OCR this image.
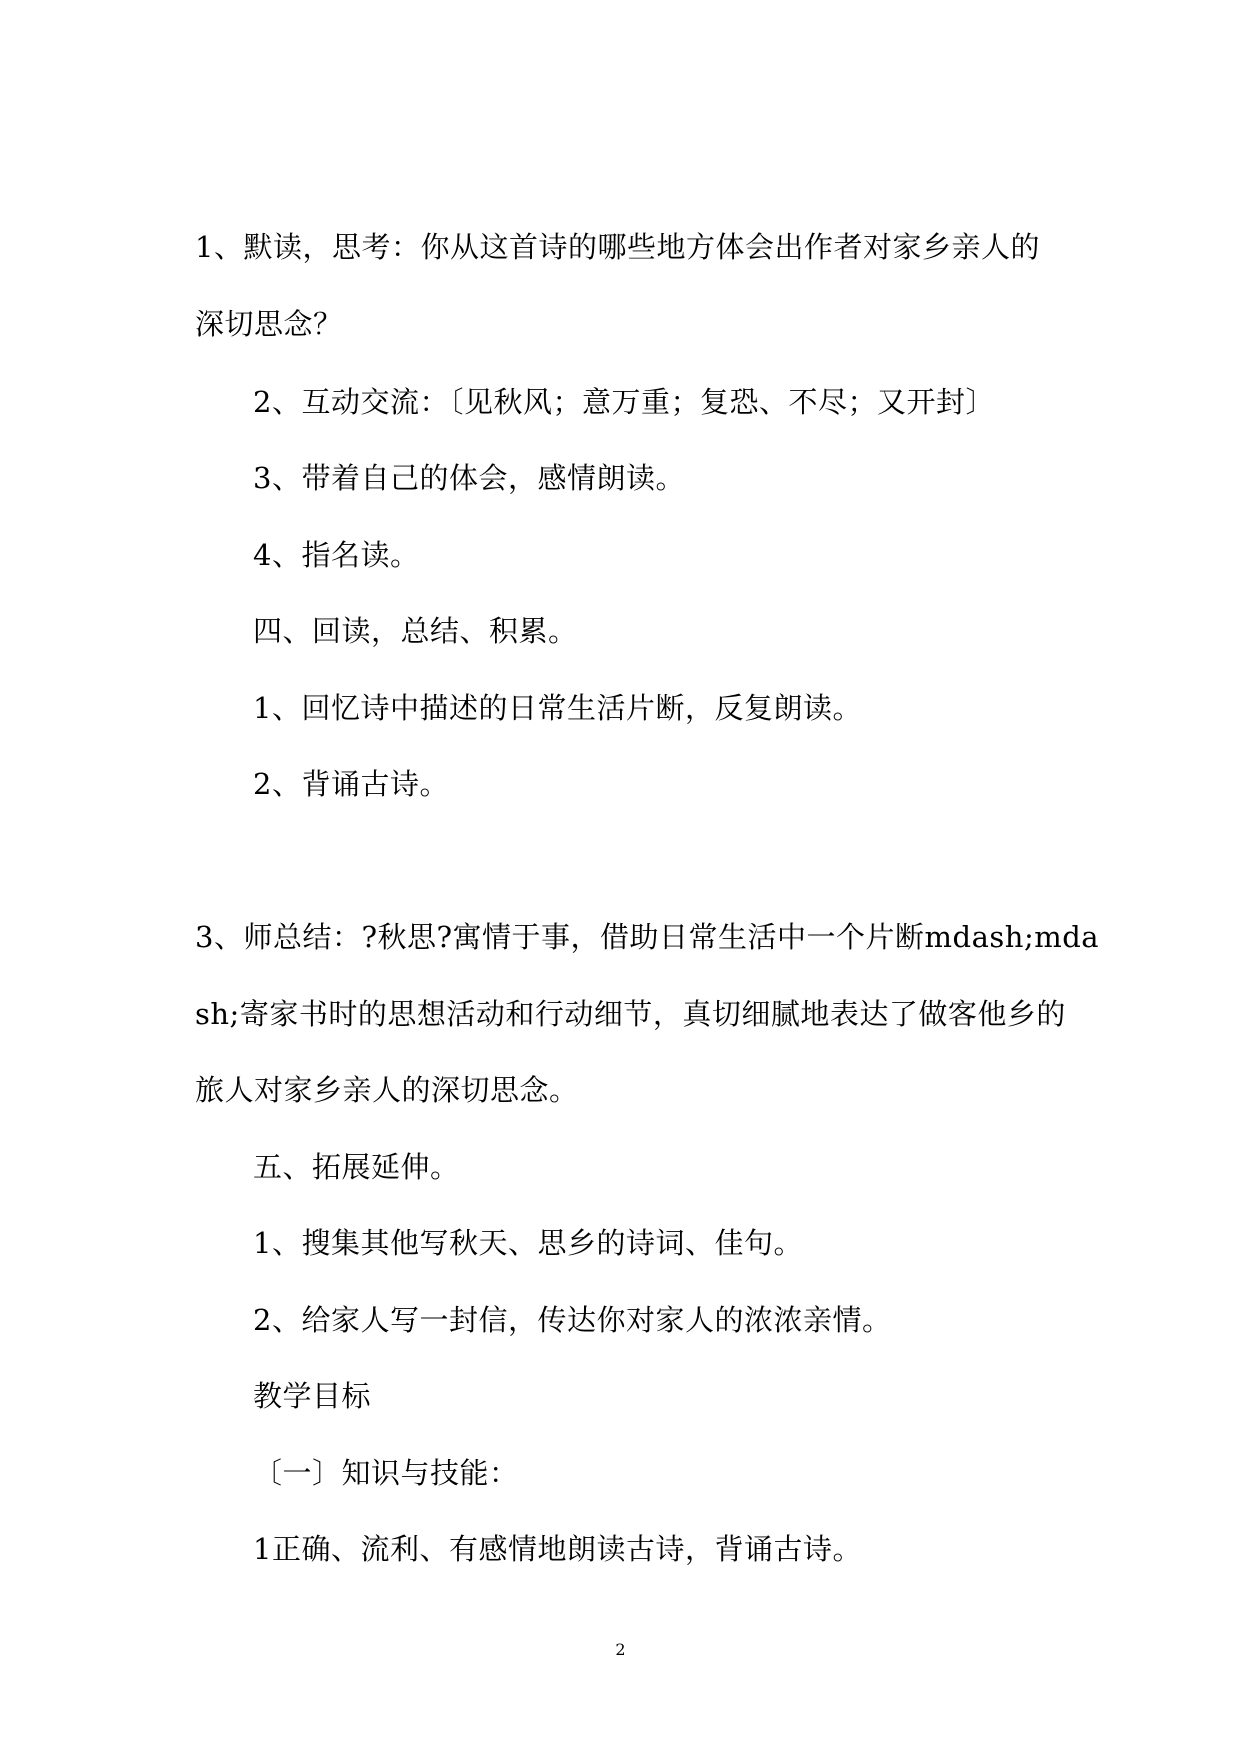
1、默读，思考：你从这首诗的哪些地方体会出作者对家乡亲人的
深切思念？
2、互动交流：〔见秋风；意万重；复恐、不尽；又开封〕
3、带着自己的体会，感情朗读。
4、指名读。
四、回读，总结、积累。
1、回忆诗中描述的日常生活片断，反复朗读。
2、背诵古诗。
3、师总结：?秋思?寓情于事，借助日常生活中一个片断mdash;mda
sh;寄家书时的思想活动和行动细节，真切细腻地表达了做客他乡的
旅人对家乡亲人的深切思念。
五、拓展延伸。
1、搜集其他写秋天、思乡的诗词、佳句。
2、给家人写一封信，传达你对家人的浓浓亲情。
教学目标
〔一〕知识与技能：
1正确、流利、有感情地朗读古诗，背诵古诗。
2
